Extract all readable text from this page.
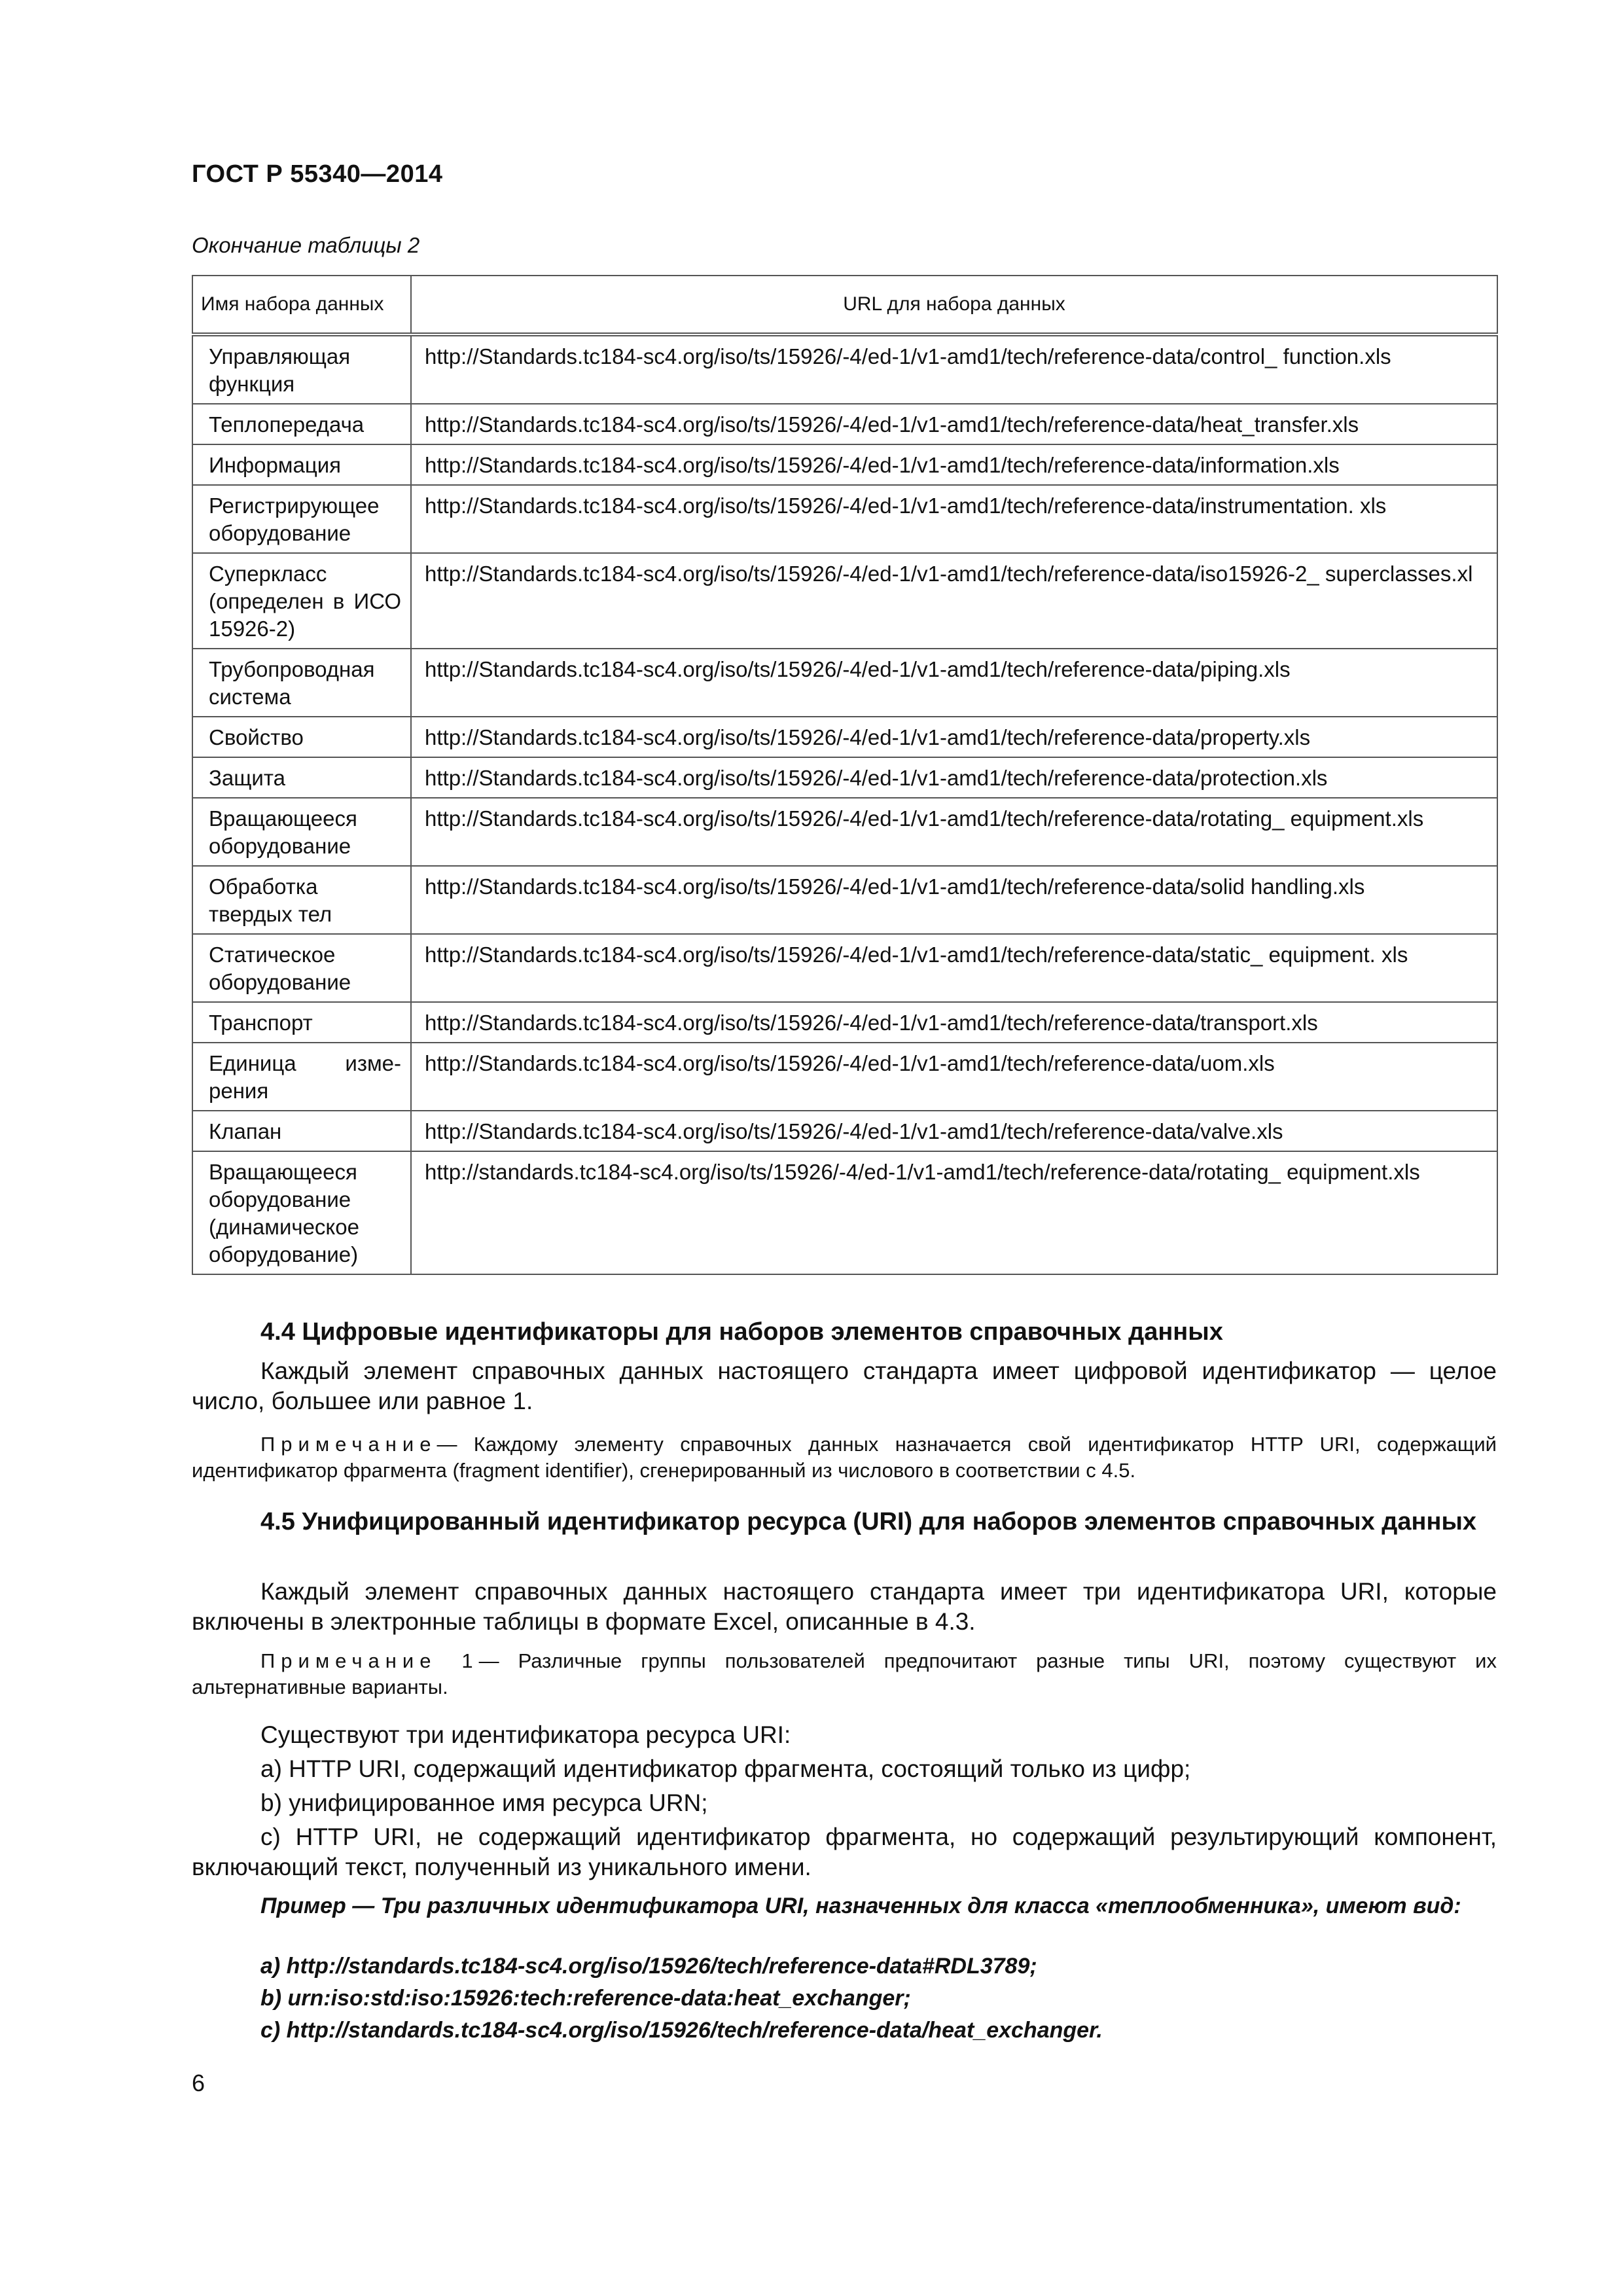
ГОСТ Р 55340—2014
Окончание таблицы 2
Имя набора данных	URL для набора данных
Управляющая функция	http://Standards.tc184-sc4.org/iso/ts/15926/-4/ed-1/v1-amd1/tech/reference-data/control_ function.xls
Теплопередача	http://Standards.tc184-sc4.org/iso/ts/15926/-4/ed-1/v1-amd1/tech/reference-data/heat_transfer.xls
Информация	http://Standards.tc184-sc4.org/iso/ts/15926/-4/ed-1/v1-amd1/tech/reference-data/information.xls
Регистрирующее оборудование	http://Standards.tc184-sc4.org/iso/ts/15926/-4/ed-1/v1-amd1/tech/reference-data/instrumentation. xls
Суперкласс (определен в ИСО 15926-2)	http://Standards.tc184-sc4.org/iso/ts/15926/-4/ed-1/v1-amd1/tech/reference-data/iso15926-2_ superclasses.xl
Трубопроводная система	http://Standards.tc184-sc4.org/iso/ts/15926/-4/ed-1/v1-amd1/tech/reference-data/piping.xls
Свойство	http://Standards.tc184-sc4.org/iso/ts/15926/-4/ed-1/v1-amd1/tech/reference-data/property.xls
Защита	http://Standards.tc184-sc4.org/iso/ts/15926/-4/ed-1/v1-amd1/tech/reference-data/protection.xls
Вращающееся оборудование	http://Standards.tc184-sc4.org/iso/ts/15926/-4/ed-1/v1-amd1/tech/reference-data/rotating_ equipment.xls
Обработка твердых тел	http://Standards.tc184-sc4.org/iso/ts/15926/-4/ed-1/v1-amd1/tech/reference-data/solid handling.xls
Статическое оборудование	http://Standards.tc184-sc4.org/iso/ts/15926/-4/ed-1/v1-amd1/tech/reference-data/static_ equipment. xls
Транспорт	http://Standards.tc184-sc4.org/iso/ts/15926/-4/ed-1/v1-amd1/tech/reference-data/transport.xls
Единица измерения	http://Standards.tc184-sc4.org/iso/ts/15926/-4/ed-1/v1-amd1/tech/reference-data/uom.xls
Клапан	http://Standards.tc184-sc4.org/iso/ts/15926/-4/ed-1/v1-amd1/tech/reference-data/valve.xls
Вращающееся оборудование (динамическое оборудование)	http://standards.tc184-sc4.org/iso/ts/15926/-4/ed-1/v1-amd1/tech/reference-data/rotating_ equipment.xls
4.4 Цифровые идентификаторы для наборов элементов справочных данных
Каждый элемент справочных данных настоящего стандарта имеет цифровой идентификатор — целое число, большее или равное 1.
Примечание— Каждому элементу справочных данных назначается свой идентификатор HTTP URI, содержащий идентификатор фрагмента (fragment identifier), сгенерированный из числового в соответствии с 4.5.
4.5 Унифицированный идентификатор ресурса (URI) для наборов элементов справочных данных
Каждый элемент справочных данных настоящего стандарта имеет три идентификатора URI, которые включены в электронные таблицы в формате Excel, описанные в 4.3.
Примечание 1— Различные группы пользователей предпочитают разные типы URI, поэтому существуют их альтернативные варианты.
Существуют три идентификатора ресурса URI:
a) HTTP URI, содержащий идентификатор фрагмента, состоящий только из цифр;
b) унифицированное имя ресурса URN;
c) HTTP URI, не содержащий идентификатор фрагмента, но содержащий результирующий компонент, включающий текст, полученный из уникального имени.
Пример — Три различных идентификатора URI, назначенных для класса «теплообменника», имеют вид:
a) http://standards.tc184-sc4.org/iso/15926/tech/reference-data#RDL3789;
b) urn:iso:std:iso:15926:tech:reference-data:heat_exchanger;
c) http://standards.tc184-sc4.org/iso/15926/tech/reference-data/heat_exchanger.
6
